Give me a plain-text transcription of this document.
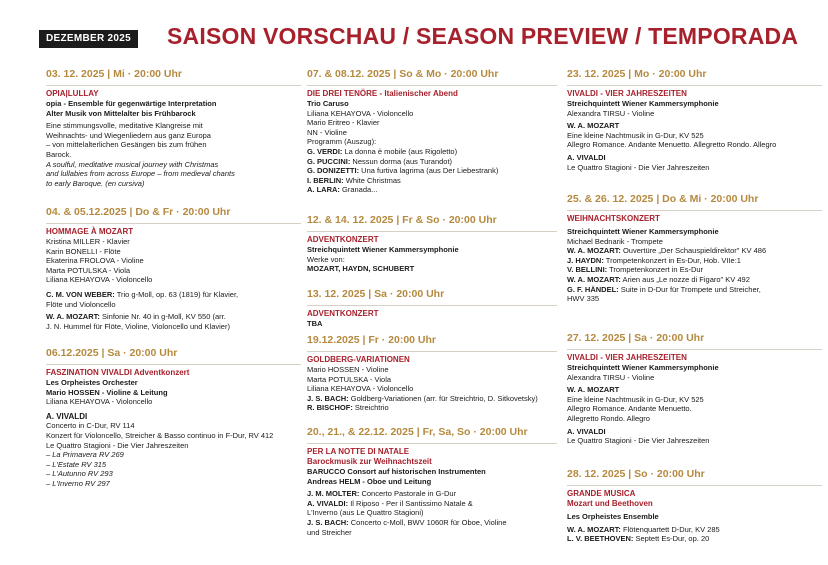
DEZEMBER 2025	SAISON VORSCHAU / SEASON PREVIEW / TEMPORADA
03. 12. 2025 | Mi · 20:00 Uhr
OPIA|LULLAY
opia - Ensemble für gegenwärtige Interpretation
Alter Musik von Mittelalter bis Frühbarock
Eine stimmungsvolle, meditative Klangreise mit
Weihnachts- und Wiegenliedern aus ganz Europa
– von mittelalterlichen Gesängen bis zum frühen
Barock.
A soulful, meditative musical journey with Christmas
and lullabies from across Europe – from medieval chants
to early Baroque. (en cursiva)
04. & 05.12.2025 | Do & Fr · 20:00 Uhr
HOMMAGE À MOZART
Kristina MILLER - Klavier
Karin BONELLI - Flöte
Ekaterina FROLOVA - Violine
Marta POTULSKA - Viola
Liliana KEHAYOVA - Violoncello
C. M. VON WEBER: Trio g-Moll, op. 63 (1819) für Klavier,
Flöte und Violoncello
W. A. MOZART: Sinfonie Nr. 40 in g-Moll, KV 550 (arr.
J. N. Hummel für Flöte, Violine, Violoncello und Klavier)
06.12.2025 | Sa · 20:00 Uhr
FASZINATION VIVALDI Adventkonzert
Les Orpheistes Orchester
Mario HOSSEN - Violine & Leitung
Liliana KEHAYOVA - Violoncello
A. VIVALDI
Concerto in C-Dur, RV 114
Konzert für Violoncello, Streicher & Basso continuo in F-Dur, RV 412
Le Quattro Stagioni - Die Vier Jahreszeiten
– La Primavera RV 269
– L'Estate RV 315
– L'Autunno RV 293
– L'Inverno RV 297
07. & 08.12. 2025 | So & Mo · 20:00 Uhr
DIE DREI TENÖRE - Italienischer Abend
Trio Caruso
Liliana KEHAYOVA - Violoncello
Mario Eritreo - Klavier
NN - Violine
Programm (Auszug):
G. VERDI: La donna è mobile (aus Rigoletto)
G. PUCCINI: Nessun dorma (aus Turandot)
G. DONIZETTI: Una furtiva lagrima (aus Der Liebestrank)
I. BERLIN: White Christmas
A. LARA: Granada...
12. & 14. 12. 2025 | Fr & So · 20:00 Uhr
ADVENTKONZERT
Streichquintett Wiener Kammersymphonie
Werke von:
MOZART, HAYDN, SCHUBERT
13. 12. 2025 | Sa · 20:00 Uhr
ADVENTKONZERT
TBA
19.12.2025 | Fr · 20:00 Uhr
GOLDBERG-VARIATIONEN
Mario HOSSEN - Violine
Marta POTULSKA - Viola
Liliana KEHAYOVA - Violoncello
J. S. BACH: Goldberg-Variationen (arr. für Streichtrio, D. Sitkovetsky)
R. BISCHOF: Streichtrio
20., 21., & 22.12. 2025 | Fr, Sa, So · 20:00 Uhr
PER LA NOTTE DI NATALE
Barockmusik zur Weihnachtszeit
BARUCCO Consort auf historischen Instrumenten
Andreas HELM - Oboe und Leitung
J. M. MOLTER: Concerto Pastorale in G-Dur
A. VIVALDI: Il Riposo - Per il Santissimo Natale &
L'Inverno (aus Le Quattro Stagioni)
J. S. BACH: Concerto c-Moll, BWV 1060R für Oboe, Violine
und Streicher
23. 12. 2025 | Mo · 20:00 Uhr
VIVALDI - VIER JAHRESZEITEN
Streichquintett Wiener Kammersymphonie
Alexandra TIRSU - Violine
W. A. MOZART
Eine kleine Nachtmusik in G-Dur, KV 525
Allegro Romance. Andante Menuetto. Allegretto Rondo. Allegro
A. VIVALDI
Le Quattro Stagioni - Die Vier Jahreszeiten
25. & 26. 12. 2025 | Do & Mi · 20:00 Uhr
WEIHNACHTSKONZERT
Streichquintett Wiener Kammersymphonie
Michael Bednarik - Trompete
W. A. MOZART: Ouvertüre „Der Schauspieldirektor" KV 486
J. HAYDN: Trompetenkonzert in Es-Dur, Hob. VIIe:1
V. BELLINI: Trompetenkonzert in Es-Dur
W. A. MOZART: Arien aus „Le nozze di Figaro" KV 492
G. F. HÄNDEL: Suite in D-Dur für Trompete und Streicher,
HWV 335
27. 12. 2025 | Sa · 20:00 Uhr
VIVALDI - VIER JAHRESZEITEN
Streichquintett Wiener Kammersymphonie
Alexandra TIRSU - Violine
W. A. MOZART
Eine kleine Nachtmusik in G-Dur, KV 525
Allegro Romance. Andante Menuetto.
Allegretto Rondo. Allegro
A. VIVALDI
Le Quattro Stagioni - Die Vier Jahreszeiten
28. 12. 2025 | So · 20:00 Uhr
GRANDE MUSICA
Mozart und Beethoven
Les Orpheistes Ensemble
W. A. MOZART: Flötenquartett D-Dur, KV 285
L. V. BEETHOVEN: Septett Es-Dur, op. 20
